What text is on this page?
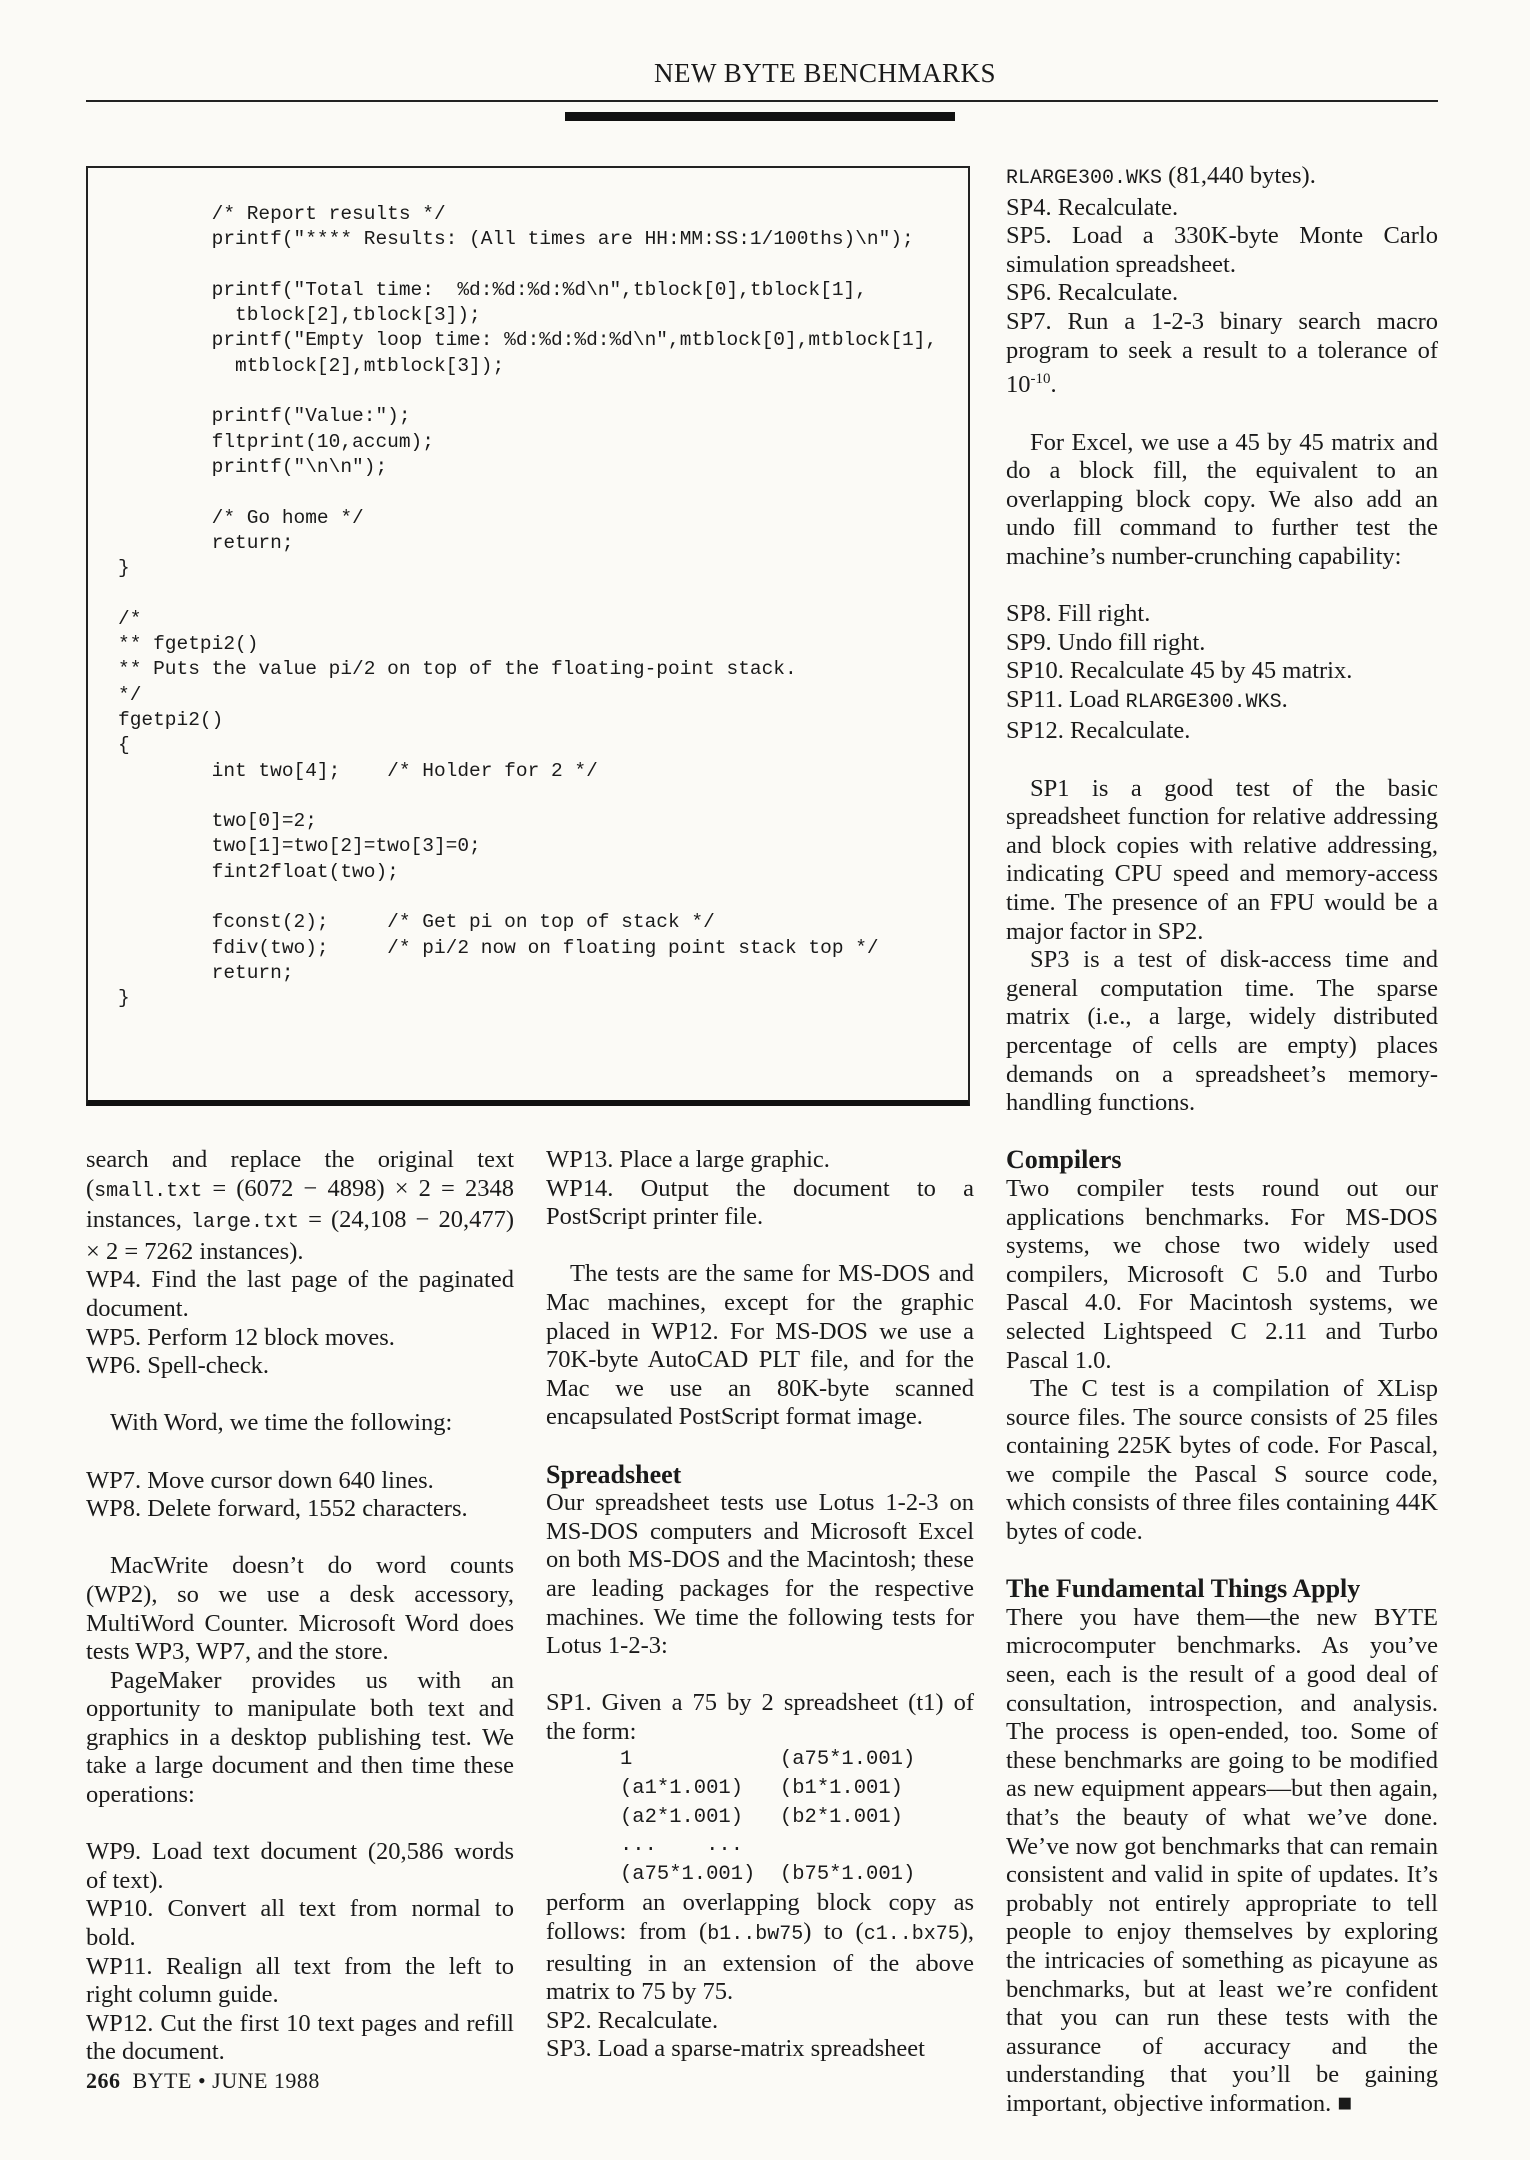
NEW BYTE BENCHMARKS
/* Report results */
printf("**** Results: (All times are HH:MM:SS:1/100ths)\n");

printf("Total time:  %d:%d:%d:%d\n",tblock[0],tblock[1],
tblock[2],tblock[3]);
printf("Empty loop time: %d:%d:%d:%d\n",mtblock[0],mtblock[1],
mtblock[2],mtblock[3]);

printf("Value:");
fltprint(10,accum);
printf("\n\n");

/* Go home */
return;
}

/*
** fgetpi2()
** Puts the value pi/2 on top of the floating-point stack.
*/
fgetpi2()
{
int two[4];    /* Holder for 2 */

two[0]=2;
two[1]=two[2]=two[3]=0;
fint2float(two);

fconst(2);     /* Get pi on top of stack */
fdiv(two);     /* pi/2 now on floating point stack top */
return;
}

search and replace the original text (small.txt = (6072 − 4898) × 2 = 2348 instances, large.txt = (24,108 − 20,477) × 2 = 7262 instances).

WP4. Find the last page of the paginated document.

WP5. Perform 12 block moves.

WP6. Spell-check.

With Word, we time the following:

WP7. Move cursor down 640 lines.

WP8. Delete forward, 1552 characters.

MacWrite doesn’t do word counts (WP2), so we use a desk accessory, MultiWord Counter. Microsoft Word does tests WP3, WP7, and the store.

PageMaker provides us with an opportunity to manipulate both text and graphics in a desktop publishing test. We take a large document and then time these operations:

WP9. Load text document (20,586 words of text).

WP10. Convert all text from normal to bold.

WP11. Realign all text from the left to right column guide.

WP12. Cut the first 10 text pages and refill the document.

WP13. Place a large graphic.

WP14. Output the document to a PostScript printer file.

The tests are the same for MS-DOS and Mac machines, except for the graphic placed in WP12. For MS-DOS we use a 70K-byte AutoCAD PLT file, and for the Mac we use an 80K-byte scanned encapsulated PostScript format image.

Spreadsheet

Our spreadsheet tests use Lotus 1-2-3 on MS-DOS computers and Microsoft Excel on both MS-DOS and the Macintosh; these are leading packages for the respective machines. We time the following tests for Lotus 1-2-3:

SP1. Given a 75 by 2 spreadsheet (t1) of the form:

1            (a75*1.001)

(a1*1.001)   (b1*1.001)

(a2*1.001)   (b2*1.001)

...    ...

(a75*1.001)  (b75*1.001)

perform an overlapping block copy as follows: from (b1..bw75) to (c1..bx75), resulting in an extension of the above matrix to 75 by 75.

SP2. Recalculate.

SP3. Load a sparse-matrix spreadsheet

RLARGE300.WKS (81,440 bytes).

SP4. Recalculate.

SP5. Load a 330K-byte Monte Carlo simulation spreadsheet.

SP6. Recalculate.

SP7. Run a 1-2-3 binary search macro program to seek a result to a tolerance of $10^{-10}$.

For Excel, we use a 45 by 45 matrix and do a block fill, the equivalent to an overlapping block copy. We also add an undo fill command to further test the machine’s number-crunching capability:

SP8. Fill right.

SP9. Undo fill right.

SP10. Recalculate 45 by 45 matrix.

SP11. Load RLARGE300.WKS.

SP12. Recalculate.

SP1 is a good test of the basic spreadsheet function for relative addressing and block copies with relative addressing, indicating CPU speed and memory-access time. The presence of an FPU would be a major factor in SP2.

SP3 is a test of disk-access time and general computation time. The sparse matrix (i.e., a large, widely distributed percentage of cells are empty) places demands on a spreadsheet’s memory-handling functions.

Compilers

Two compiler tests round out our applications benchmarks. For MS-DOS systems, we chose two widely used compilers, Microsoft C 5.0 and Turbo Pascal 4.0. For Macintosh systems, we selected Lightspeed C 2.11 and Turbo Pascal 1.0.

The C test is a compilation of XLisp source files. The source consists of 25 files containing 225K bytes of code. For Pascal, we compile the Pascal S source code, which consists of three files containing 44K bytes of code.

The Fundamental Things Apply

There you have them—the new BYTE microcomputer benchmarks. As you’ve seen, each is the result of a good deal of consultation, introspection, and analysis. The process is open-ended, too. Some of these benchmarks are going to be modified as new equipment appears—but then again, that’s the beauty of what we’ve done. We’ve now got benchmarks that can remain consistent and valid in spite of updates. It’s probably not entirely appropriate to tell people to enjoy themselves by exploring the intricacies of something as picayune as benchmarks, but at least we’re confident that you can run these tests with the assurance of accuracy and the understanding that you’ll be gaining important, objective information. ■

266 BYTE • JUNE 1988
